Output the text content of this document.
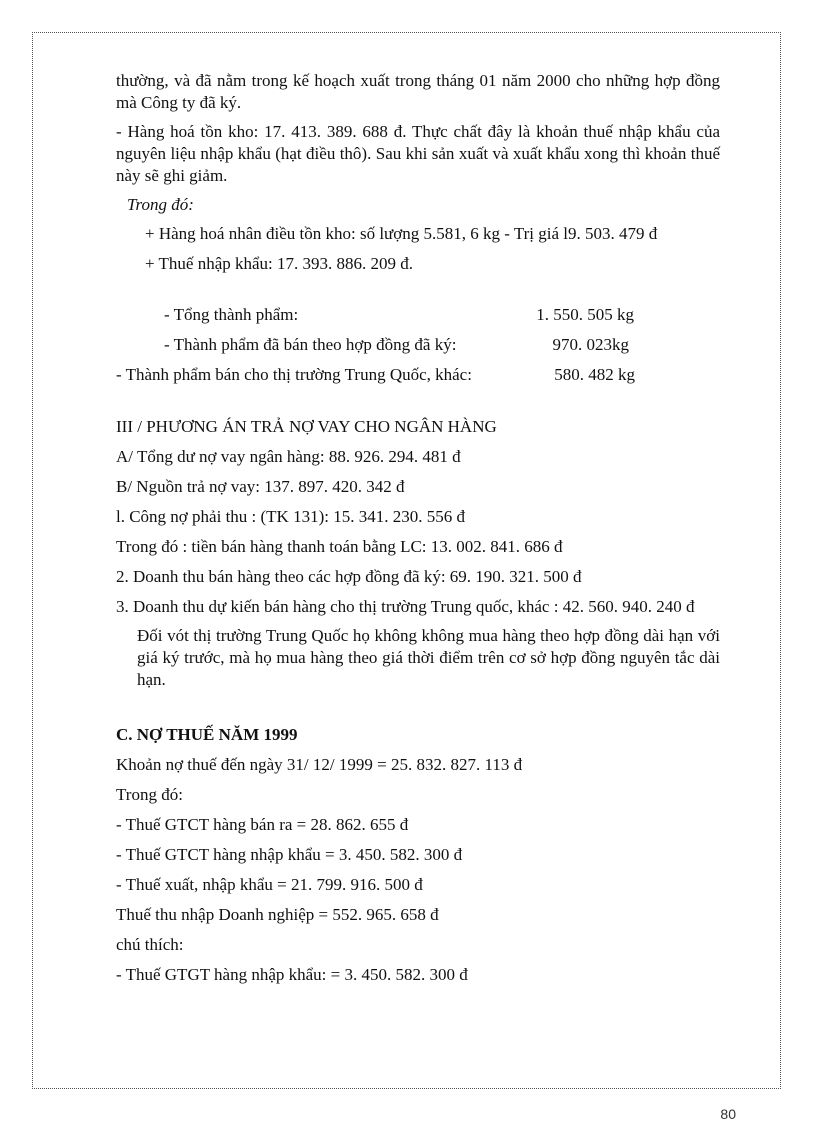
thường, và đã nằm trong kế hoạch xuất trong tháng 01 năm 2000 cho những hợp đồng mà Công ty đã ký.

- Hàng hoá tồn kho: 17. 413. 389. 688 đ. Thực chất đây là khoản thuế nhập khẩu của nguyên liệu nhập khẩu (hạt điều thô). Sau khi sản xuất và xuất khẩu xong thì khoản thuế này sẽ ghi giảm.

Trong đó:

+ Hàng hoá nhân điều tồn kho: số lượng 5.581, 6 kg - Trị giá l9. 503. 479 đ

+ Thuế nhập khẩu: 17. 393. 886. 209 đ.

- Tổng thành phẩm:	1. 550. 505 kg
- Thành phẩm đã bán theo hợp đồng đã ký:	970. 023kg
- Thành phẩm bán cho thị trường Trung Quốc, khác:	580. 482 kg

III / PHƯƠNG ÁN TRẢ NỢ VAY CHO NGÂN HÀNG

A/ Tổng dư nợ vay ngân hàng: 88. 926. 294. 481 đ

B/ Nguồn trả nợ vay: 137. 897. 420. 342 đ

l. Công nợ phải thu : (TK 131): 15. 341. 230. 556 đ

Trong đó : tiền bán hàng thanh toán bằng LC: 13. 002. 841. 686 đ

2. Doanh thu bán hàng theo các hợp đồng đã ký: 69. 190. 321. 500 đ

3. Doanh thu dự kiến bán hàng cho thị trường Trung quốc, khác : 42. 560. 940. 240 đ

Đối vót thị trường Trung Quốc họ không không mua hàng theo hợp đồng dài hạn với giá ký trước, mà họ mua hàng theo giá thời điểm trên cơ sở hợp đồng nguyên tắc dài hạn.

C. NỢ THUẾ NĂM 1999

Khoản nợ thuế đến ngày 31/ 12/ 1999 = 25. 832. 827. 113 đ

Trong đó:

- Thuế GTCT hàng bán ra = 28. 862. 655 đ

- Thuế GTCT hàng nhập khẩu = 3. 450. 582. 300 đ

- Thuế xuất, nhập khẩu = 21. 799. 916. 500 đ

Thuế thu nhập Doanh nghiệp = 552. 965. 658 đ

chú thích:

- Thuế GTGT hàng nhập khẩu: = 3. 450. 582. 300 đ

80
